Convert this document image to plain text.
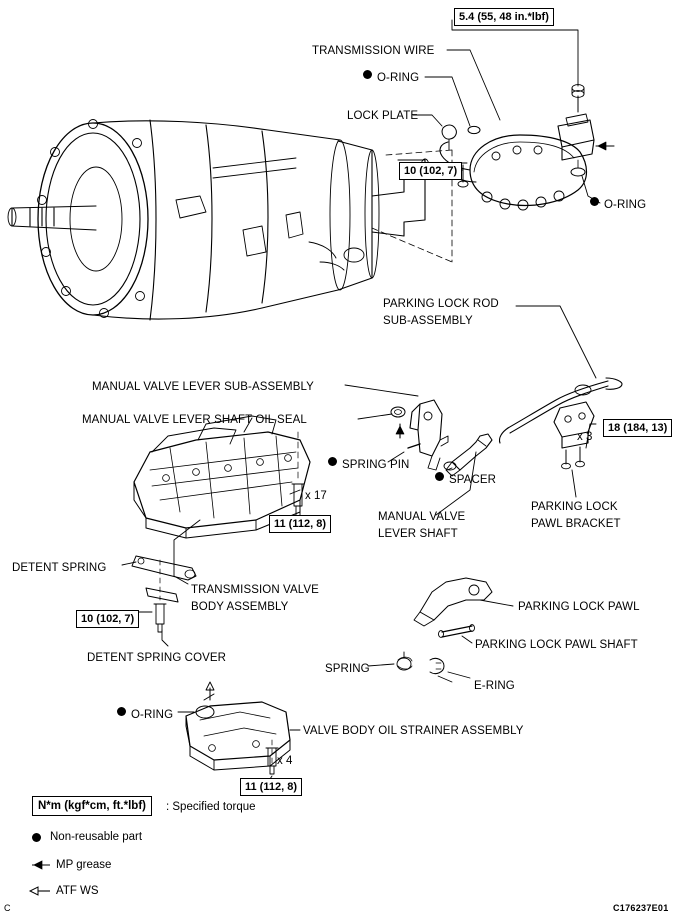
5.4 (55, 48 in.*lbf)
10 (102, 7)
18 (184, 13)
11 (112, 8)
10 (102, 7)
11 (112, 8)
TRANSMISSION WIRE
O-RING
LOCK PLATE
O-RING
PARKING LOCK ROD
SUB-ASSEMBLY
MANUAL VALVE LEVER SUB-ASSEMBLY
MANUAL VALVE LEVER SHAFT OIL SEAL
SPRING PIN
SPACER
PARKING LOCK
PAWL BRACKET
MANUAL VALVE
LEVER SHAFT
DETENT SPRING
TRANSMISSION VALVE
BODY ASSEMBLY	PARKING LOCK PAWL
PARKING LOCK PAWL SHAFT
DETENT SPRING COVER
SPRING
E-RING
O-RING
VALVE BODY OIL STRAINER ASSEMBLY
x 3
x 17
x 4
N*m (kgf*cm, ft.*lbf)	: Specified torque
Non-reusable part
MP grease
ATF WS
C176237E01
C
